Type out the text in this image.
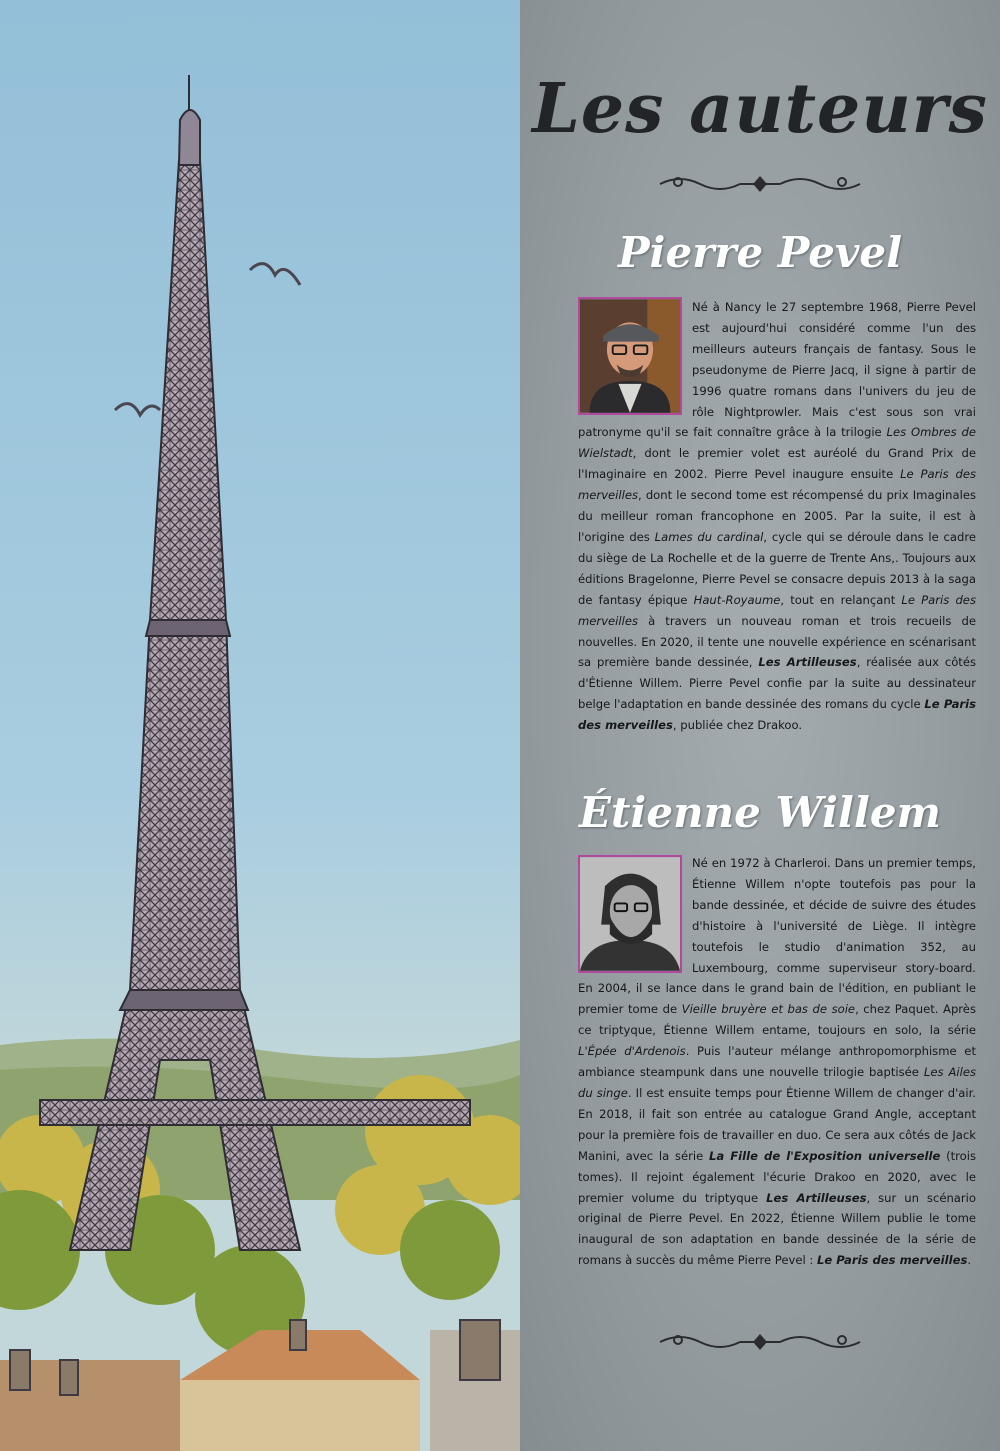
Les auteurs
Pierre Pevel

Né à Nancy le 27 septembre 1968, Pierre Pevel est aujourd'hui considéré comme l'un des meilleurs auteurs français de fantasy. Sous le pseudonyme de Pierre Jacq, il signe à partir de 1996 quatre romans dans l'univers du jeu de rôle Nightprowler. Mais c'est sous son vrai patronyme qu'il se fait connaître grâce à la trilogie Les Ombres de Wielstadt, dont le premier volet est auréolé du Grand Prix de l'Imaginaire en 2002. Pierre Pevel inaugure ensuite Le Paris des merveilles, dont le second tome est récompensé du prix Imaginales du meilleur roman francophone en 2005. Par la suite, il est à l'origine des Lames du cardinal, cycle qui se déroule dans le cadre du siège de La Rochelle et de la guerre de Trente Ans,. Toujours aux éditions Bragelonne, Pierre Pevel se consacre depuis 2013 à la saga de fantasy épique Haut-Royaume, tout en relançant Le Paris des merveilles à travers un nouveau roman et trois recueils de nouvelles. En 2020, il tente une nouvelle expérience en scénarisant sa première bande dessinée, Les Artilleuses, réalisée aux côtés d'Étienne Willem. Pierre Pevel confie par la suite au dessinateur belge l'adaptation en bande dessinée des romans du cycle Le Paris des merveilles, publiée chez Drakoo.

Étienne Willem

Né en 1972 à Charleroi. Dans un premier temps, Étienne Willem n'opte toutefois pas pour la bande dessinée, et décide de suivre des études d'histoire à l'université de Liège. Il intègre toutefois le studio d'animation 352, au Luxembourg, comme superviseur story-board. En 2004, il se lance dans le grand bain de l'édition, en publiant le premier tome de Vieille bruyère et bas de soie, chez Paquet. Après ce triptyque, Étienne Willem entame, toujours en solo, la série L'Épée d'Ardenois. Puis l'auteur mélange anthropomorphisme et ambiance steampunk dans une nouvelle trilogie baptisée Les Ailes du singe. Il est ensuite temps pour Étienne Willem de changer d'air. En 2018, il fait son entrée au catalogue Grand Angle, acceptant pour la première fois de travailler en duo. Ce sera aux côtés de Jack Manini, avec la série La Fille de l'Exposition universelle (trois tomes). Il rejoint également l'écurie Drakoo en 2020, avec le premier volume du triptyque Les Artilleuses, sur un scénario original de Pierre Pevel. En 2022, Étienne Willem publie le tome inaugural de son adaptation en bande dessinée de la série de romans à succès du même Pierre Pevel : Le Paris des merveilles.
